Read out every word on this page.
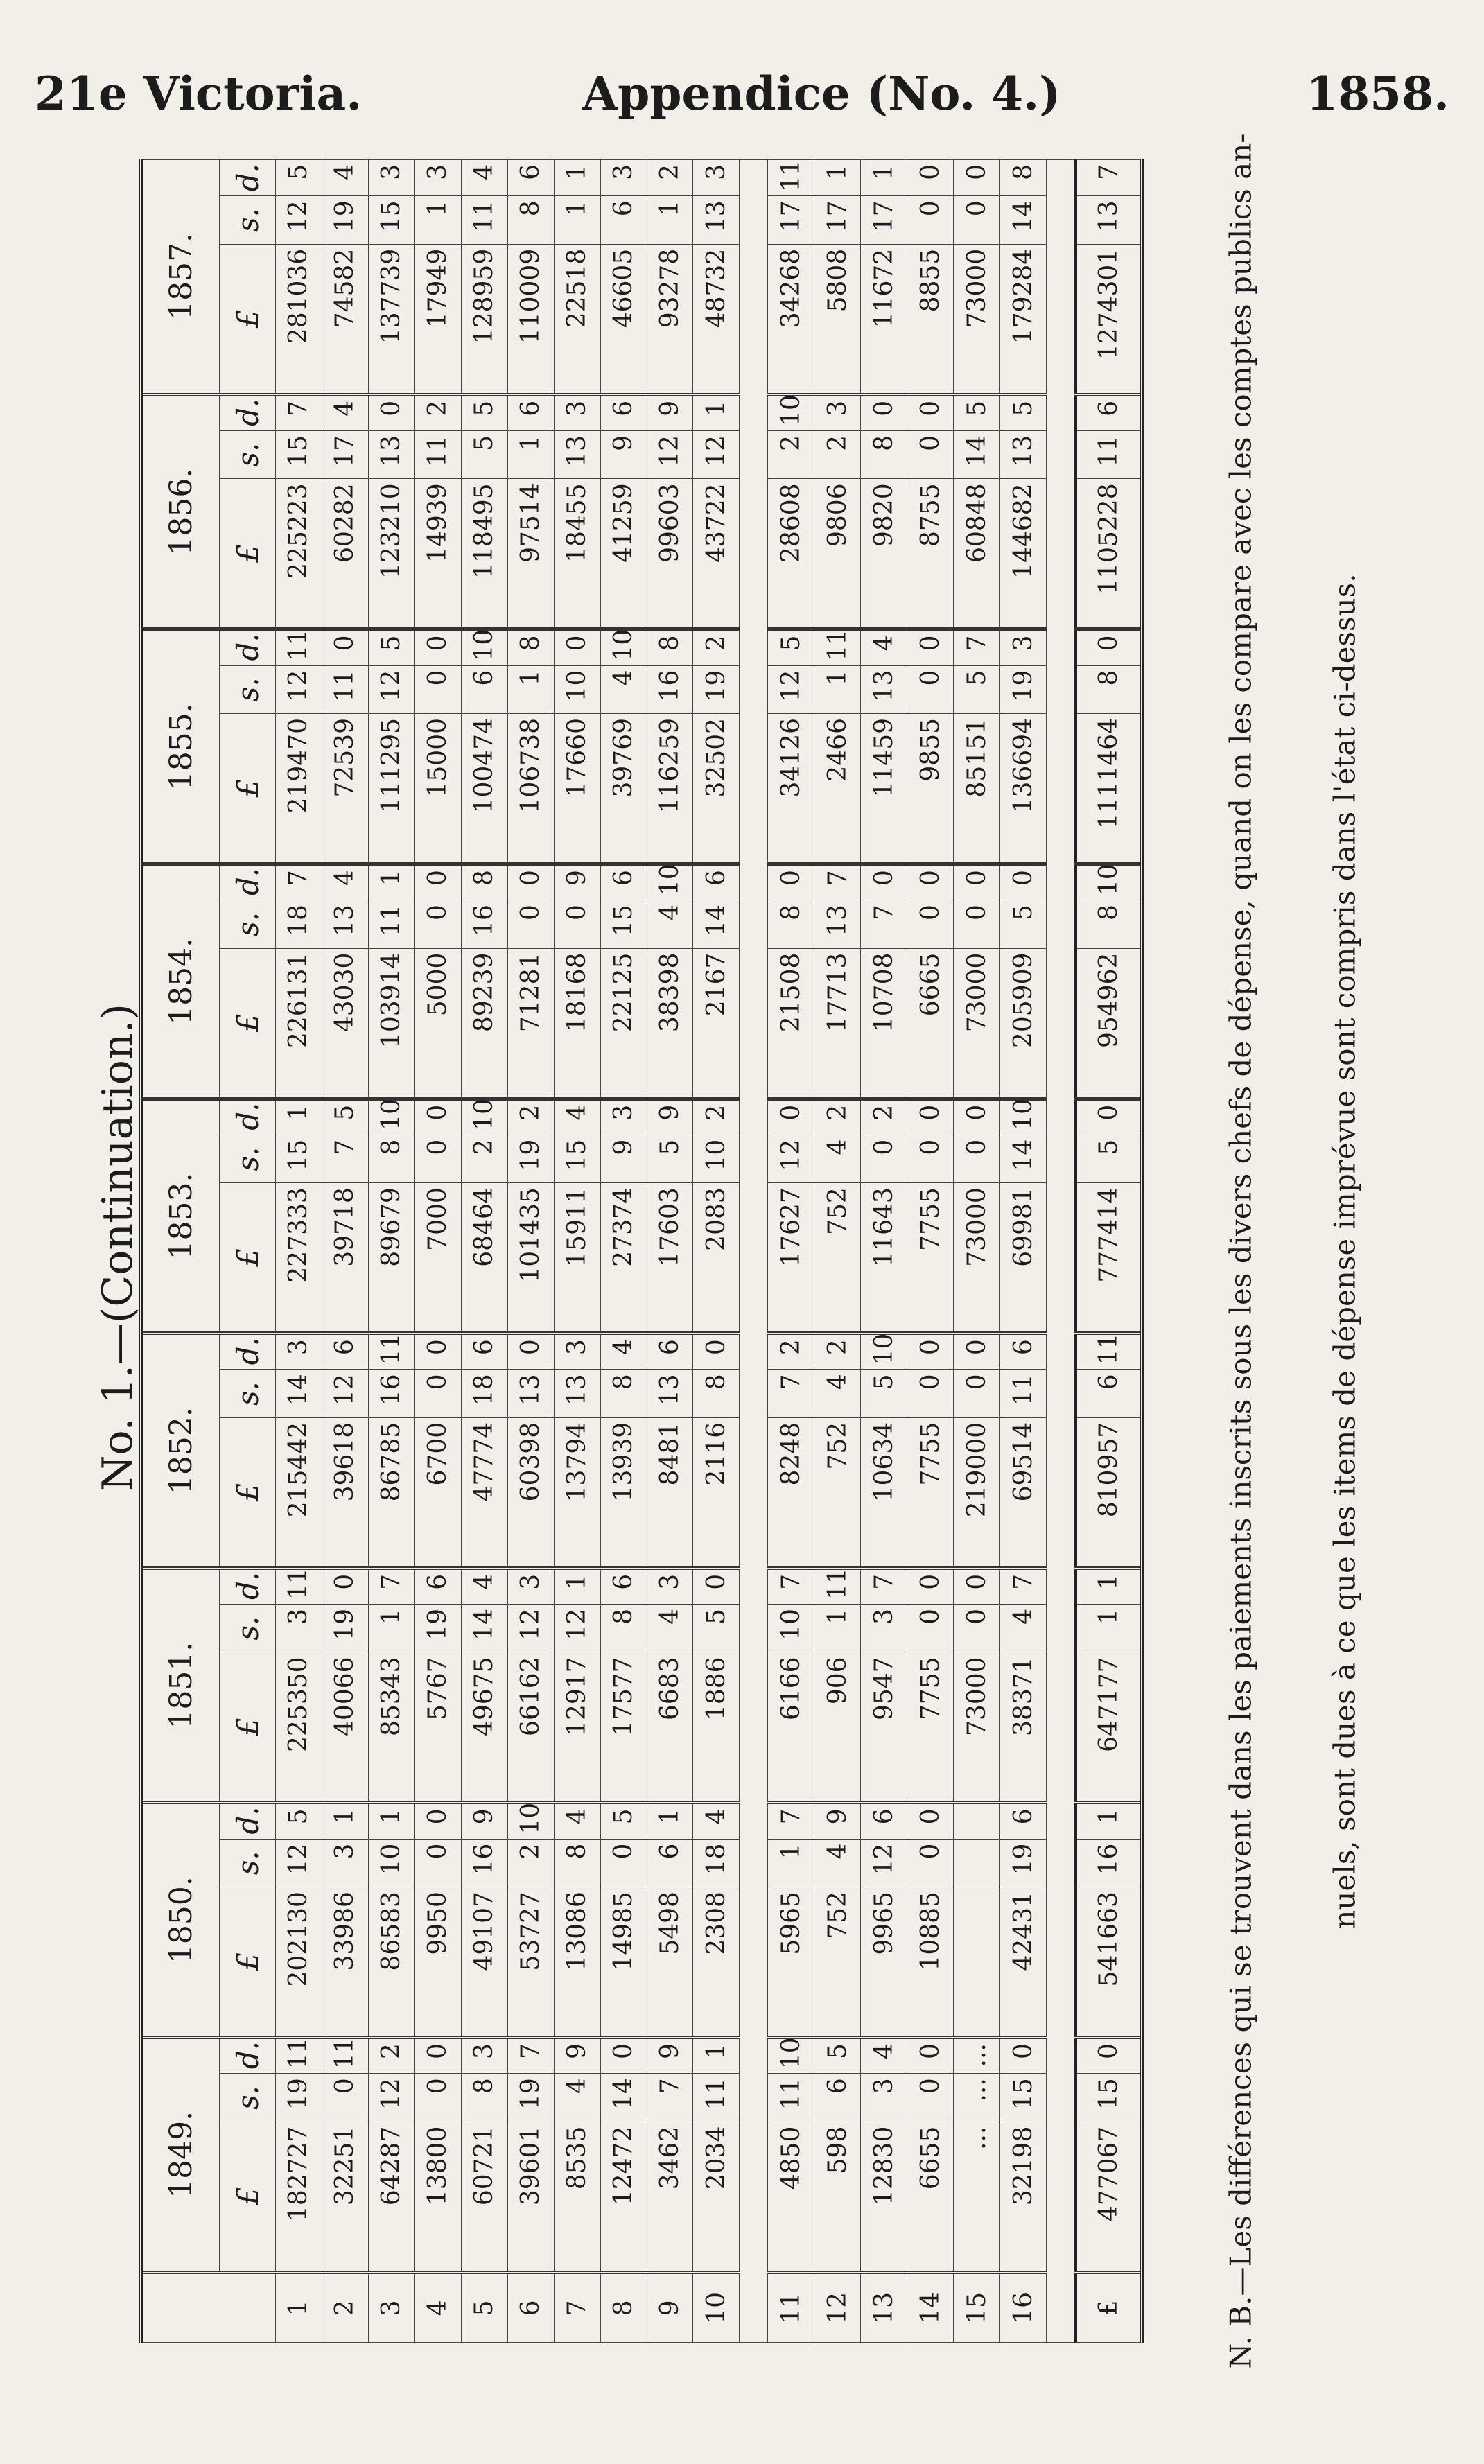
21e Victoria.	Appendice (No. 4.)	1858.
No. 1.—(Continuation.)
	1849.			1850.			1851.			1852.			1853.			1854.			1855.			1856.			1857.		
	£	s.	d.	£	s.	d.	£	s.	d.	£	s.	d.	£	s.	d.	£	s.	d.	£	s.	d.	£	s.	d.	£	s.	d.
1	182727	19	11	202130	12	5	225350	3	11	215442	14	3	227333	15	1	226131	18	7	219470	12	11	225223	15	7	281036	12	5
2	32251	0	11	33986	3	1	40066	19	0	39618	12	6	39718	7	5	43030	13	4	72539	11	0	60282	17	4	74582	19	4
3	64287	12	2	86583	10	1	85343	1	7	86785	16	11	89679	8	10	103914	11	1	111295	12	5	123210	13	0	137739	15	3
4	13800	0	0	9950	0	0	5767	19	6	6700	0	0	7000	0	0	5000	0	0	15000	0	0	14939	11	2	17949	1	3
5	60721	8	3	49107	16	9	49675	14	4	47774	18	6	68464	2	10	89239	16	8	100474	6	10	118495	5	5	128959	11	4
6	39601	19	7	53727	2	10	66162	12	3	60398	13	0	101435	19	2	71281	0	0	106738	1	8	97514	1	6	110009	8	6
7	8535	4	9	13086	8	4	12917	12	1	13794	13	3	15911	15	4	18168	0	9	17660	10	0	18455	13	3	22518	1	1
8	12472	14	0	14985	0	5	17577	8	6	13939	8	4	27374	9	3	22125	15	6	39769	4	10	41259	9	6	46605	6	3
9	3462	7	9	5498	6	1	6683	4	3	8481	13	6	17603	5	9	38398	4	10	116259	16	8	99603	12	9	93278	1	2
10	2034	11	1	2308	18	4	1886	5	0	2116	8	0	2083	10	2	2167	14	6	32502	19	2	43722	12	1	48732	13	3

11	4850	11	10	5965	1	7	6166	10	7	8248	7	2	17627	12	0	21508	8	0	34126	12	5	28608	2	10	34268	17	11
12	598	6	5	752	4	9	906	1	11	752	4	2	752	4	2	17713	13	7	2466	1	11	9806	2	3	5808	17	1
13	12830	3	4	9965	12	6	9547	3	7	10634	5	10	11643	0	2	10708	7	0	11459	13	4	9820	8	0	11672	17	1
14	6655	0	0	10885	0	0	7755	0	0	7755	0	0	7755	0	0	6665	0	0	9855	0	0	8755	0	0	8855	0	0
15	...	...	...				73000	0	0	219000	0	0	73000	0	0	73000	0	0	85151	5	7	60848	14	5	73000	0	0
16	32198	15	0	42431	19	6	38371	4	7	69514	11	6	69981	14	10	205909	5	0	136694	19	3	144682	13	5	179284	14	8

£	477067	15	0	541663	16	1	647177	1	1	810957	6	11	777414	5	0	954962	8	10	1111464	8	0	1105228	11	6	1274301	13	7	N. B.—Les différences qui se trouvent dans les paiements inscrits sous les divers chefs de dépense, quand on les compare avec les comptes publics an- nuels, sont dues à ce que les items de dépense imprévue sont compris dans l'état ci-dessus.
